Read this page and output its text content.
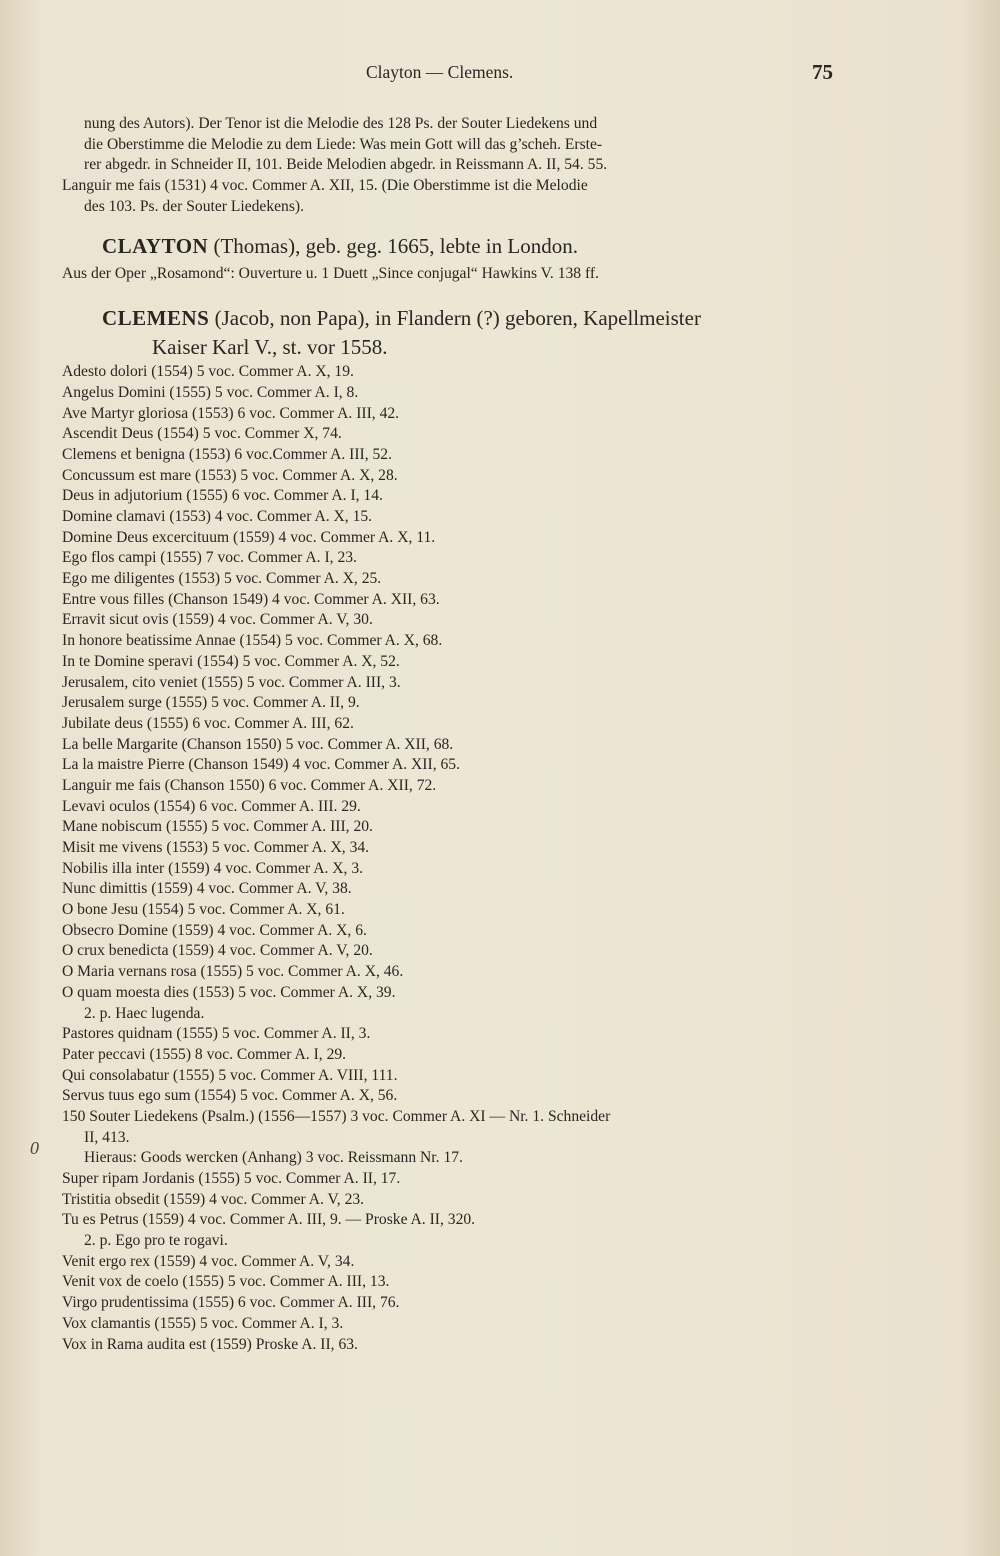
Clayton — Clemens.	75
nung des Autors). Der Tenor ist die Melodie des 128 Ps. der Souter Liedekens und
die Oberstimme die Melodie zu dem Liede: Was mein Gott will das g’scheh. Erste-
rer abgedr. in Schneider II, 101. Beide Melodien abgedr. in Reissmann A. II, 54. 55.
Languir me fais (1531) 4 voc. Commer A. XII, 15. (Die Oberstimme ist die Melodie
des 103. Ps. der Souter Liedekens).
CLAYTON (Thomas), geb. geg. 1665, lebte in London.
Aus der Oper „Rosamond“: Ouverture u. 1 Duett „Since conjugal“ Hawkins V. 138 ff.
CLEMENS (Jacob, non Papa), in Flandern (?) geboren, Kapellmeister
Kaiser Karl V., st. vor 1558.
Adesto dolori (1554) 5 voc. Commer A. X, 19.
Angelus Domini (1555) 5 voc. Commer A. I, 8.
Ave Martyr gloriosa (1553) 6 voc. Commer A. III, 42.
Ascendit Deus (1554) 5 voc. Commer X, 74.
Clemens et benigna (1553) 6 voc.Commer A. III, 52.
Concussum est mare (1553) 5 voc. Commer A. X, 28.
Deus in adjutorium (1555) 6 voc. Commer A. I, 14.
Domine clamavi (1553) 4 voc. Commer A. X, 15.
Domine Deus excercituum (1559) 4 voc. Commer A. X, 11.
Ego flos campi (1555) 7 voc. Commer A. I, 23.
Ego me diligentes (1553) 5 voc. Commer A. X, 25.
Entre vous filles (Chanson 1549) 4 voc. Commer A. XII, 63.
Erravit sicut ovis (1559) 4 voc. Commer A. V, 30.
In honore beatissime Annae (1554) 5 voc. Commer A. X, 68.
In te Domine speravi (1554) 5 voc. Commer A. X, 52.
Jerusalem, cito veniet (1555) 5 voc. Commer A. III, 3.
Jerusalem surge (1555) 5 voc. Commer A. II, 9.
Jubilate deus (1555) 6 voc. Commer A. III, 62.
La belle Margarite (Chanson 1550) 5 voc. Commer A. XII, 68.
La la maistre Pierre (Chanson 1549) 4 voc. Commer A. XII, 65.
Languir me fais (Chanson 1550) 6 voc. Commer A. XII, 72.
Levavi oculos (1554) 6 voc. Commer A. III. 29.
Mane nobiscum (1555) 5 voc. Commer A. III, 20.
Misit me vivens (1553) 5 voc. Commer A. X, 34.
Nobilis illa inter (1559) 4 voc. Commer A. X, 3.
Nunc dimittis (1559) 4 voc. Commer A. V, 38.
O bone Jesu (1554) 5 voc. Commer A. X, 61.
Obsecro Domine (1559) 4 voc. Commer A. X, 6.
O crux benedicta (1559) 4 voc. Commer A. V, 20.
O Maria vernans rosa (1555) 5 voc. Commer A. X, 46.
O quam moesta dies (1553) 5 voc. Commer A. X, 39.
2. p. Haec lugenda.
Pastores quidnam (1555) 5 voc. Commer A. II, 3.
Pater peccavi (1555) 8 voc. Commer A. I, 29.
Qui consolabatur (1555) 5 voc. Commer A. VIII, 111.
Servus tuus ego sum (1554) 5 voc. Commer A. X, 56.
150 Souter Liedekens (Psalm.) (1556—1557) 3 voc. Commer A. XI — Nr. 1. Schneider
II, 413.
Hieraus: Goods wercken (Anhang) 3 voc. Reissmann Nr. 17.
Super ripam Jordanis (1555) 5 voc. Commer A. II, 17.
Tristitia obsedit (1559) 4 voc. Commer A. V, 23.
Tu es Petrus (1559) 4 voc. Commer A. III, 9. — Proske A. II, 320.
2. p. Ego pro te rogavi.
Venit ergo rex (1559) 4 voc. Commer A. V, 34.
Venit vox de coelo (1555) 5 voc. Commer A. III, 13.
Virgo prudentissima (1555) 6 voc. Commer A. III, 76.
Vox clamantis (1555) 5 voc. Commer A. I, 3.
Vox in Rama audita est (1559) Proske A. II, 63.
0
